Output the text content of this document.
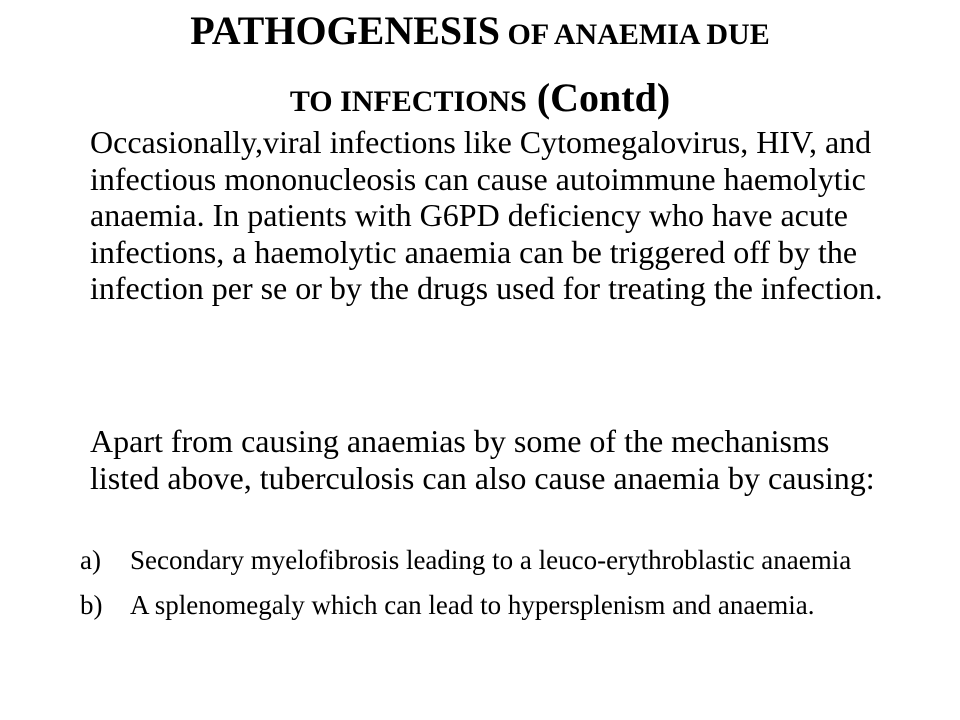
PATHOGENESIS OF ANAEMIA DUE
TO INFECTIONS (Contd)

Occasionally,viral infections like Cytomegalovirus, HIV, and infectious mononucleosis can cause autoimmune haemolytic anaemia. In patients with G6PD deficiency who have acute infections, a haemolytic anaemia can be triggered off by the infection per se or by the drugs used for treating the infection.

Apart from causing anaemias by some of the mechanisms listed above, tuberculosis can also cause anaemia by causing:

a) Secondary myelofibrosis leading to a leuco-erythroblastic anaemia
b) A splenomegaly which can lead to hypersplenism and anaemia.
